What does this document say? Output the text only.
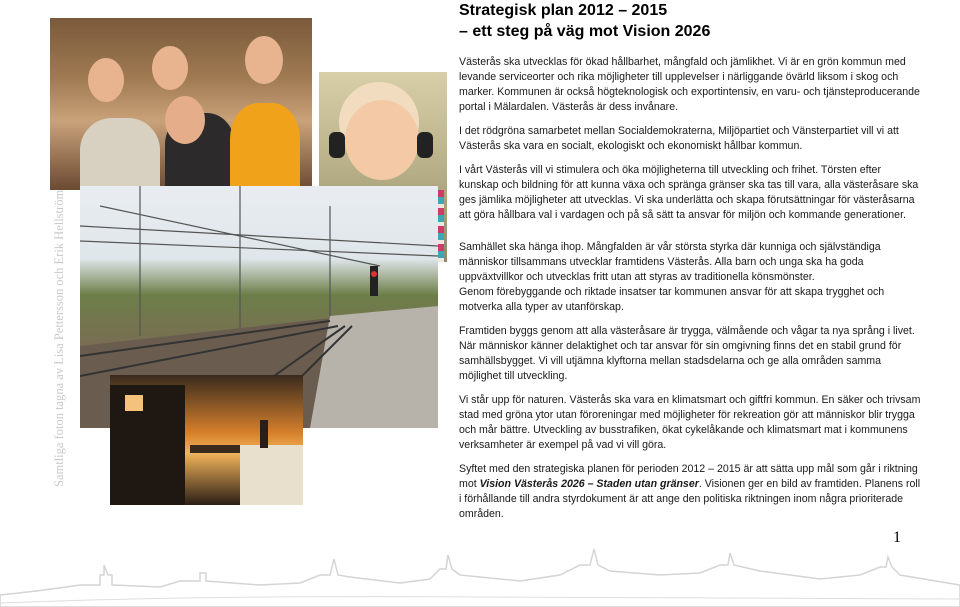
Samtliga foton tagna av Lisa Pettersson och Erik Hellström
Strategisk plan 2012 – 2015
– ett steg på väg mot Vision 2026

Västerås ska utvecklas för ökad hållbarhet, mångfald och jämlikhet. Vi är en grön kommun med levande serviceorter och rika möjligheter till upplevelser i närliggande övärld liksom i skog och marker. Kommunen är också högteknologisk och exportintensiv, en varu- och tjänsteproducerande portal i Mälardalen. Västerås är dess invånare.

I det rödgröna samarbetet mellan Socialdemokraterna, Miljöpartiet och Vänsterpartiet vill vi att Västerås ska vara en socialt, ekologiskt och ekonomiskt hållbar kommun.

I vårt Västerås vill vi stimulera och öka möjligheterna till utveckling och frihet. Törsten efter kunskap och bildning för att kunna växa och spränga gränser ska tas till vara, alla västeråsare ska ges jämlika möjligheter att utvecklas. Vi ska underlätta och skapa förutsättningar för västeråsarna att göra hållbara val i vardagen och på så sätt ta ansvar för miljön och kommande generationer.

Samhället ska hänga ihop. Mångfalden är vår största styrka där kunniga och självständiga människor tillsammans utvecklar framtidens Västerås. Alla barn och unga ska ha goda uppväxtvillkor och utvecklas fritt utan att styras av traditionella könsmönster.

Genom förebyggande och riktade insatser tar kommunen ansvar för att skapa trygghet och motverka alla typer av utanförskap.

Framtiden byggs genom att alla västeråsare är trygga, välmående och vågar ta nya språng i livet. När människor känner delaktighet och tar ansvar för sin omgivning finns det en stabil grund för samhällsbygget. Vi vill utjämna klyftorna mellan stadsdelarna och ge alla områden samma möjlighet till utveckling.

Vi står upp för naturen. Västerås ska vara en klimatsmart och giftfri kommun. En säker och trivsam stad med gröna ytor utan föroreningar med möjligheter för rekreation gör att människor blir trygga och mår bättre. Utveckling av busstrafiken, ökat cykelåkande och klimatsmart mat i kommunens verksamheter är exempel på vad vi vill göra.

Syftet med den strategiska planen för perioden 2012 – 2015 är att sätta upp mål som går i riktning mot Vision Västerås 2026 – Staden utan gränser. Visionen ger en bild av framtiden. Planens roll i förhållande till andra styrdokument är att ange den politiska riktningen inom några prioriterade områden.

1
